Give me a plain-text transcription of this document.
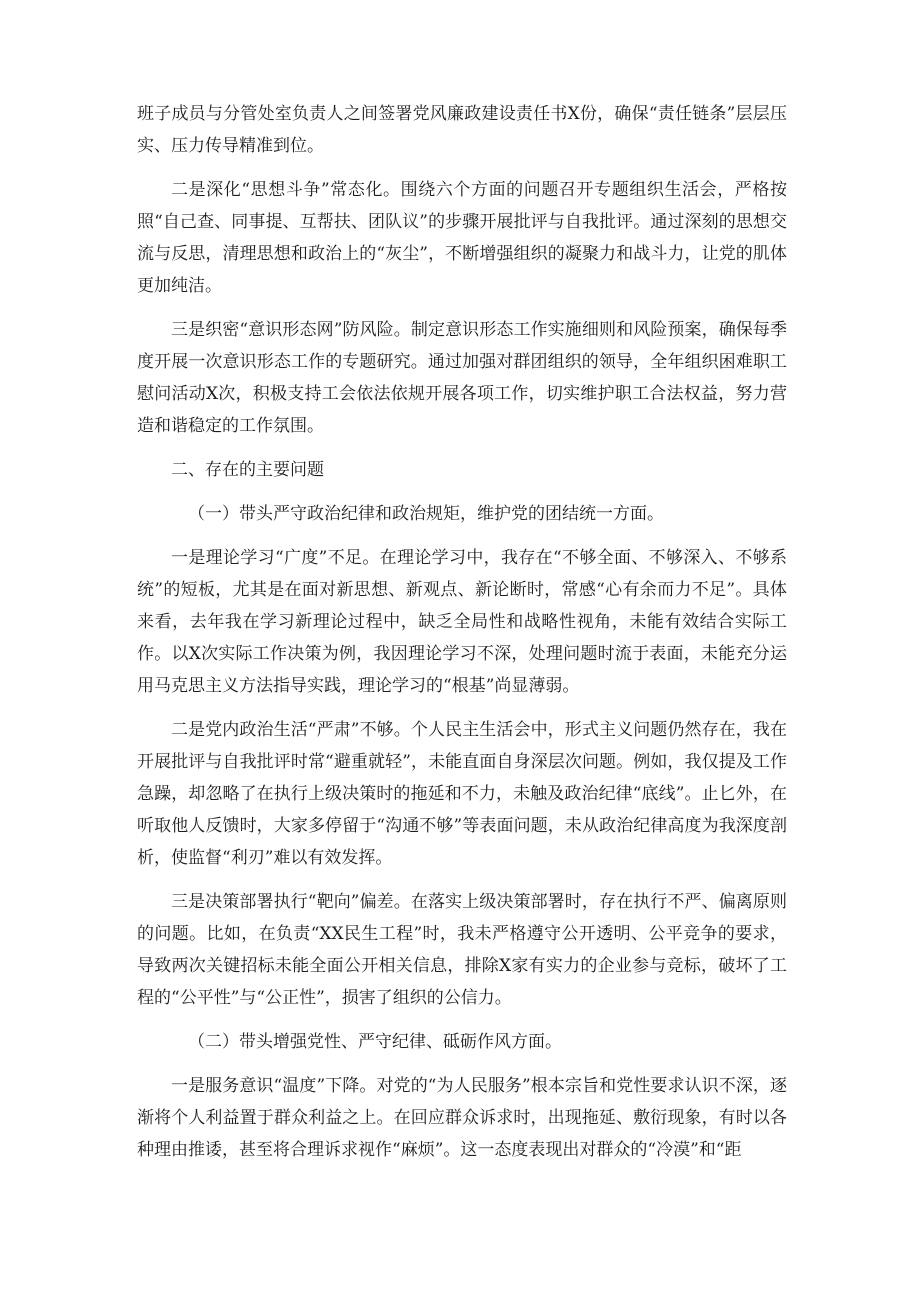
班子成员与分管处室负责人之间签署党风廉政建设责任书X份，确保“责任链条”层层压实、压力传导精准到位。

二是深化“思想斗争”常态化。围绕六个方面的问题召开专题组织生活会，严格按照“自己查、同事提、互帮扶、团队议”的步骤开展批评与自我批评。通过深刻的思想交流与反思，清理思想和政治上的“灰尘”，不断增强组织的凝聚力和战斗力，让党的肌体更加纯洁。

三是织密“意识形态网”防风险。制定意识形态工作实施细则和风险预案，确保每季度开展一次意识形态工作的专题研究。通过加强对群团组织的领导，全年组织困难职工慰问活动X次，积极支持工会依法依规开展各项工作，切实维护职工合法权益，努力营造和谐稳定的工作氛围。

二、存在的主要问题

（一）带头严守政治纪律和政治规矩，维护党的团结统一方面。

一是理论学习“广度”不足。在理论学习中，我存在“不够全面、不够深入、不够系统”的短板，尤其是在面对新思想、新观点、新论断时，常感“心有余而力不足”。具体来看，去年我在学习新理论过程中，缺乏全局性和战略性视角，未能有效结合实际工作。以X次实际工作决策为例，我因理论学习不深，处理问题时流于表面，未能充分运用马克思主义方法指导实践，理论学习的“根基”尚显薄弱。

二是党内政治生活“严肃”不够。个人民主生活会中，形式主义问题仍然存在，我在开展批评与自我批评时常“避重就轻”，未能直面自身深层次问题。例如，我仅提及工作急躁，却忽略了在执行上级决策时的拖延和不力，未触及政治纪律“底线”。止匕外，在听取他人反馈时，大家多停留于“沟通不够”等表面问题，未从政治纪律高度为我深度剖析，使监督“利刃”难以有效发挥。

三是决策部署执行“靶向”偏差。在落实上级决策部署时，存在执行不严、偏离原则的问题。比如，在负责“XX民生工程”时，我未严格遵守公开透明、公平竞争的要求，导致两次关键招标未能全面公开相关信息，排除X家有实力的企业参与竞标，破坏了工程的“公平性”与“公正性”，损害了组织的公信力。

（二）带头增强党性、严守纪律、砥砺作风方面。

一是服务意识“温度”下降。对党的“为人民服务”根本宗旨和党性要求认识不深，逐渐将个人利益置于群众利益之上。在回应群众诉求时，出现拖延、敷衍现象，有时以各种理由推诿，甚至将合理诉求视作“麻烦”。这一态度表现出对群众的“冷漠”和“距
